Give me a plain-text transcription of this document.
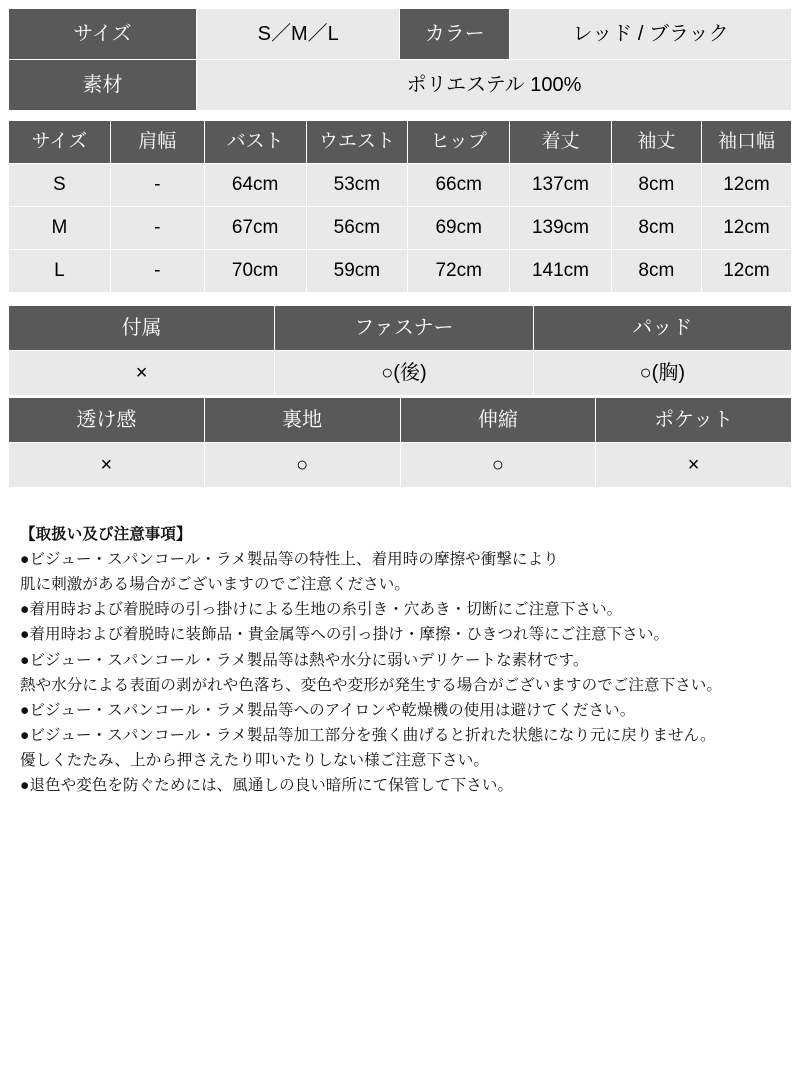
サイズ	S／M／L	カラー	レッド / ブラック
素材	ポリエステル 100%		
サイズ	肩幅	バスト	ウエスト	ヒップ	着丈	袖丈	袖口幅
S	-	64cm	53cm	66cm	137cm	8cm	12cm
M	-	67cm	56cm	69cm	139cm	8cm	12cm
L	-	70cm	59cm	72cm	141cm	8cm	12cm
付属	ファスナー	パッド
×	○(後)	○(胸)
透け感	裏地	伸縮	ポケット
×	○	○	×
【取扱い及び注意事項】

●ビジュー・スパンコール・ラメ製品等の特性上、着用時の摩擦や衝撃により

肌に刺激がある場合がございますのでご注意ください。

●着用時および着脱時の引っ掛けによる生地の糸引き・穴あき・切断にご注意下さい。

●着用時および着脱時に装飾品・貴金属等への引っ掛け・摩擦・ひきつれ等にご注意下さい。

●ビジュー・スパンコール・ラメ製品等は熱や水分に弱いデリケートな素材です。

熱や水分による表面の剥がれや色落ち、変色や変形が発生する場合がございますのでご注意下さい。

●ビジュー・スパンコール・ラメ製品等へのアイロンや乾燥機の使用は避けてください。

●ビジュー・スパンコール・ラメ製品等加工部分を強く曲げると折れた状態になり元に戻りません。

優しくたたみ、上から押さえたり叩いたりしない様ご注意下さい。

●退色や変色を防ぐためには、風通しの良い暗所にて保管して下さい。
